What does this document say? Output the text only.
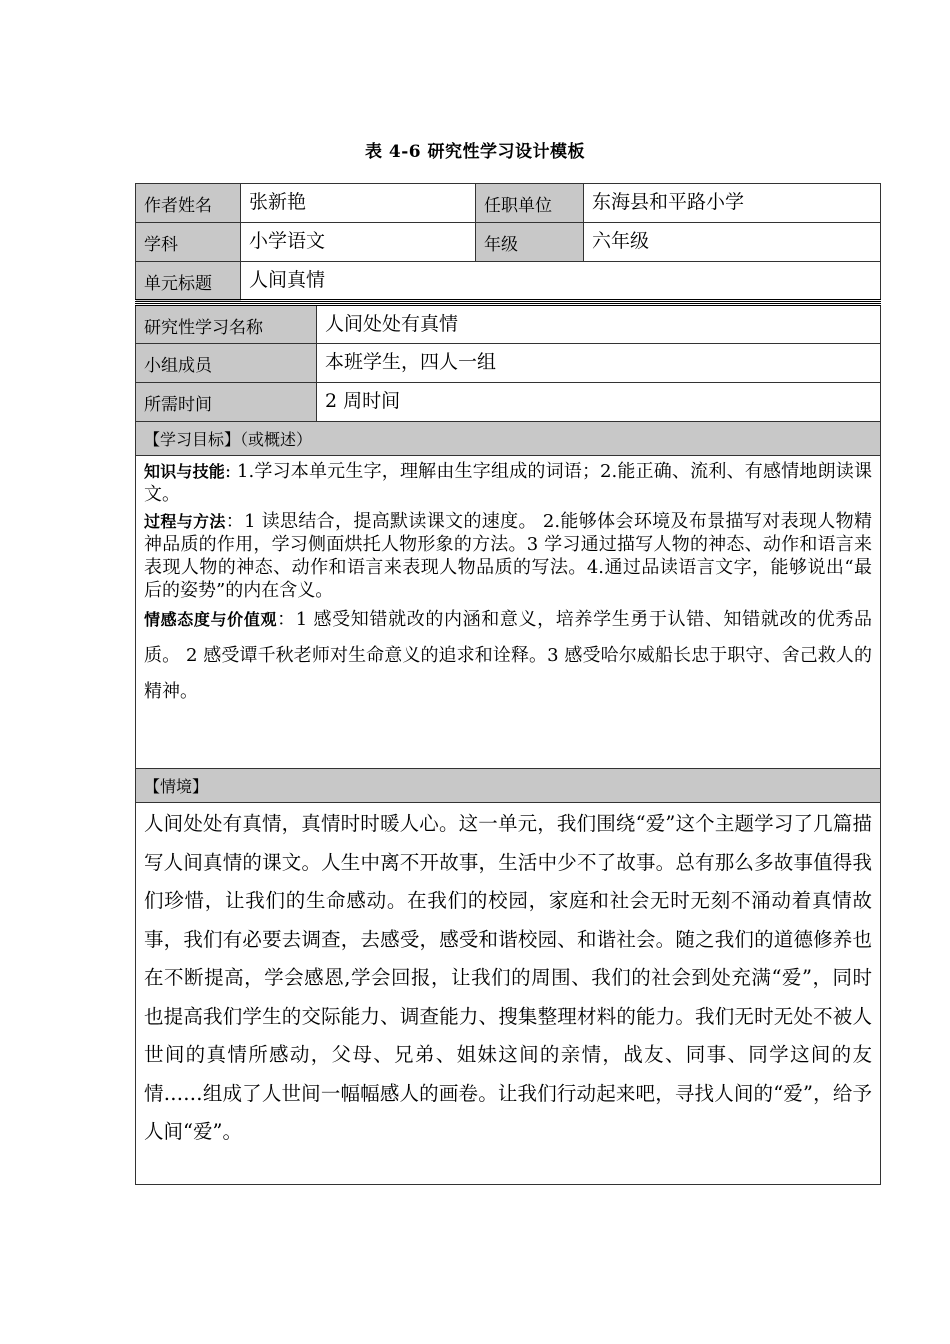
表 4-6 研究性学习设计模板
作者姓名	张新艳	任职单位	东海县和平路小学
学科	小学语文	年级	六年级
单元标题	人间真情		
研究性学习名称	人间处处有真情
小组成员	本班学生，四人一组
所需时间	2 周时间
【学习目标】（或概述）	

知识与技能: 1.学习本单元生字，理解由生字组成的词语；2.能正确、流利、有感情地朗读课文。

过程与方法：1 读思结合，提高默读课文的速度。 2.能够体会环境及布景描写对表现人物精神品质的作用，学习侧面烘托人物形象的方法。3 学习通过描写人物的神态、动作和语言来表现人物的神态、动作和语言来表现人物品质的写法。4.通过品读语言文字，能够说出“最后的姿势”的内在含义。

情感态度与价值观：1 感受知错就改的内涵和意义，培养学生勇于认错、知错就改的优秀品质。 2 感受谭千秋老师对生命意义的追求和诠释。3 感受哈尔威船长忠于职守、舍己救人的精神。	

【情境】	
人间处处有真情，真情时时暖人心。这一单元，我们围绕“爱”这个主题学习了几篇描写人间真情的课文。人生中离不开故事，生活中少不了故事。总有那么多故事值得我们珍惜，让我们的生命感动。在我们的校园，家庭和社会无时无刻不涌动着真情故事，我们有必要去调查，去感受，感受和谐校园、和谐社会。随之我们的道德修养也在不断提高，学会感恩,学会回报，让我们的周围、我们的社会到处充满“爱”，同时也提高我们学生的交际能力、调查能力、搜集整理材料的能力。我们无时无处不被人世间的真情所感动，父母、兄弟、姐妹这间的亲情，战友、同事、同学这间的友情……组成了人世间一幅幅感人的画卷。让我们行动起来吧，寻找人间的“爱”，给予人间“爱”。	
